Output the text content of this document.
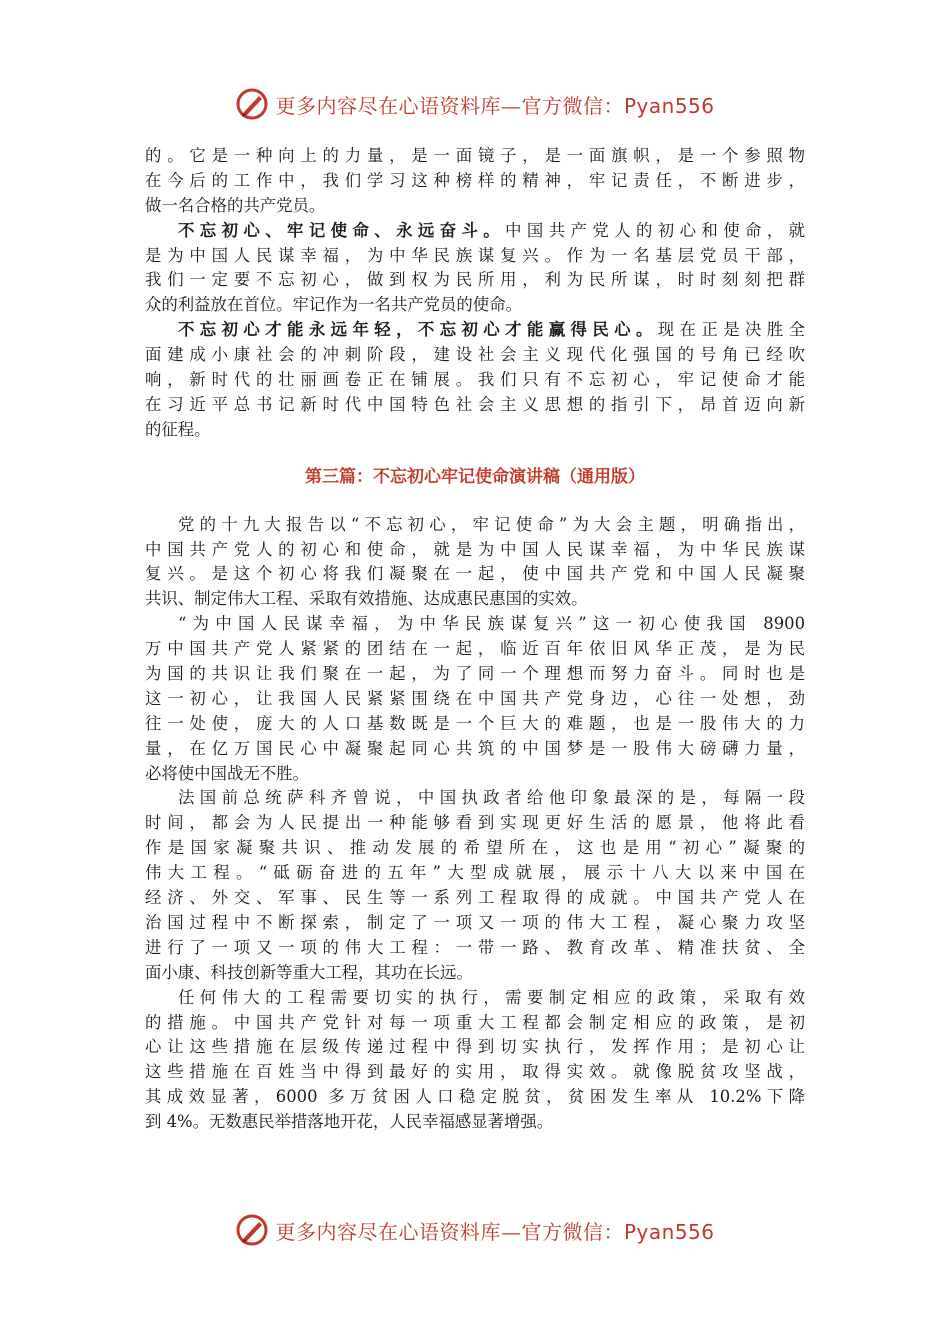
更多内容尽在心语资料库—官方微信：Pyan556
的。它是一种向上的力量，是一面镜子，是一面旗帜，是一个参照物
在今后的工作中，我们学习这种榜样的精神，牢记责任，不断进步，
做一名合格的共产党员。
不忘初心、牢记使命、永远奋斗。中国共产党人的初心和使命，就
是为中国人民谋幸福，为中华民族谋复兴。作为一名基层党员干部，
我们一定要不忘初心，做到权为民所用，利为民所谋，时时刻刻把群
众的利益放在首位。牢记作为一名共产党员的使命。
不忘初心才能永远年轻，不忘初心才能赢得民心。现在正是决胜全
面建成小康社会的冲刺阶段，建设社会主义现代化强国的号角已经吹
响，新时代的壮丽画卷正在铺展。我们只有不忘初心，牢记使命才能
在习近平总书记新时代中国特色社会主义思想的指引下，昂首迈向新
的征程。
第三篇：不忘初心牢记使命演讲稿（通用版）
党的十九大报告以“不忘初心，牢记使命”为大会主题，明确指出，
中国共产党人的初心和使命，就是为中国人民谋幸福，为中华民族谋
复兴。是这个初心将我们凝聚在一起，使中国共产党和中国人民凝聚
共识、制定伟大工程、采取有效措施、达成惠民惠国的实效。
“为中国人民谋幸福，为中华民族谋复兴”这一初心使我国 8900
万中国共产党人紧紧的团结在一起，临近百年依旧风华正茂，是为民
为国的共识让我们聚在一起，为了同一个理想而努力奋斗。同时也是
这一初心，让我国人民紧紧围绕在中国共产党身边，心往一处想，劲
往一处使，庞大的人口基数既是一个巨大的难题，也是一股伟大的力
量，在亿万国民心中凝聚起同心共筑的中国梦是一股伟大磅礴力量，
必将使中国战无不胜。
法国前总统萨科齐曾说，中国执政者给他印象最深的是，每隔一段
时间，都会为人民提出一种能够看到实现更好生活的愿景，他将此看
作是国家凝聚共识、推动发展的希望所在，这也是用“初心”凝聚的
伟大工程。“砥砺奋进的五年”大型成就展，展示十八大以来中国在
经济、外交、军事、民生等一系列工程取得的成就。中国共产党人在
治国过程中不断探索，制定了一项又一项的伟大工程，凝心聚力攻坚
进行了一项又一项的伟大工程：一带一路、教育改革、精准扶贫、全
面小康、科技创新等重大工程，其功在长远。
任何伟大的工程需要切实的执行，需要制定相应的政策，采取有效
的措施。中国共产党针对每一项重大工程都会制定相应的政策，是初
心让这些措施在层级传递过程中得到切实执行，发挥作用；是初心让
这些措施在百姓当中得到最好的实用，取得实效。就像脱贫攻坚战，
其成效显著，6000 多万贫困人口稳定脱贫，贫困发生率从 10.2%下降
到 4%。无数惠民举措落地开花，人民幸福感显著增强。
更多内容尽在心语资料库—官方微信：Pyan556
